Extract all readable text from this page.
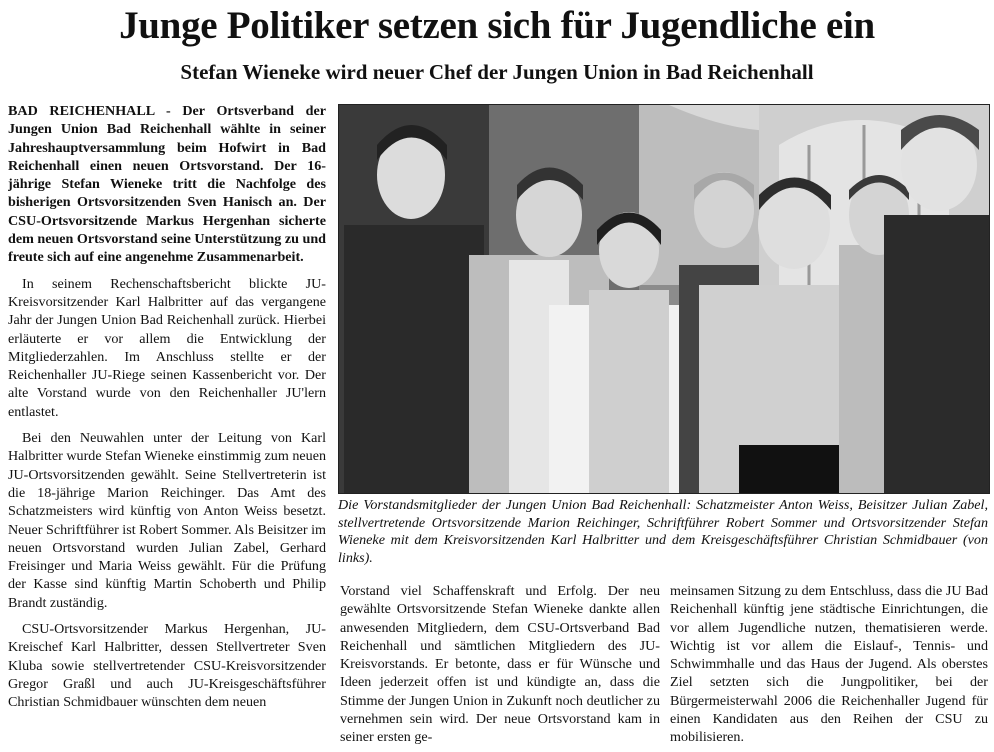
Junge Politiker setzen sich für Jugendliche ein
Stefan Wieneke wird neuer Chef der Jungen Union in Bad Reichenhall

BAD REICHENHALL - Der Ortsverband der Jungen Union Bad Reichenhall wählte in seiner Jahreshauptversammlung beim Hofwirt in Bad Reichenhall einen neuen Ortsvorstand. Der 16-jährige Stefan Wieneke tritt die Nachfolge des bisherigen Ortsvorsitzenden Sven Hanisch an. Der CSU-Ortsvorsitzende Markus Hergenhan sicherte dem neuen Ortsvorstand seine Unterstützung zu und freute sich auf eine angenehme Zusammenarbeit.

In seinem Rechenschaftsbericht blickte JU-Kreisvorsitzender Karl Halbritter auf das vergangene Jahr der Jungen Union Bad Reichenhall zurück. Hierbei erläuterte er vor allem die Entwicklung der Mitgliederzahlen. Im Anschluss stellte er der Reichenhaller JU-Riege seinen Kassenbericht vor. Der alte Vorstand wurde von den Reichenhaller JU'lern entlastet.

Bei den Neuwahlen unter der Leitung von Karl Halbritter wurde Stefan Wieneke einstimmig zum neuen JU-Ortsvorsitzenden gewählt. Seine Stellvertreterin ist die 18-jährige Marion Reichinger. Das Amt des Schatzmeisters wird künftig von Anton Weiss besetzt. Neuer Schriftführer ist Robert Sommer. Als Beisitzer im neuen Ortsvorstand wurden Julian Zabel, Gerhard Freisinger und Maria Weiss gewählt. Für die Prüfung der Kasse sind künftig Martin Schoberth und Philip Brandt zuständig.

CSU-Ortsvorsitzender Markus Hergenhan, JU-Kreischef Karl Halbritter, dessen Stellvertreter Sven Kluba sowie stellvertretender CSU-Kreisvorsitzender Gregor Graßl und auch JU-Kreisgeschäftsführer Christian Schmidbauer wünschten dem neuen

Die Vorstandsmitglieder der Jungen Union Bad Reichenhall: Schatzmeister Anton Weiss, Beisitzer Julian Zabel, stellvertretende Ortsvorsitzende Marion Reichinger, Schriftführer Robert Sommer und Ortsvorsitzender Stefan Wieneke mit dem Kreisvorsitzenden Karl Halbritter und dem Kreisgeschäftsführer Christian Schmidbauer (von links).

Vorstand viel Schaffenskraft und Erfolg. Der neu gewählte Ortsvorsitzende Stefan Wieneke dankte allen anwesenden Mitgliedern, dem CSU-Ortsverband Bad Reichenhall und sämtlichen Mitgliedern des JU-Kreisvorstands. Er betonte, dass er für Wünsche und Ideen jederzeit offen ist und kündigte an, dass die Stimme der Jungen Union in Zukunft noch deutlicher zu vernehmen sein wird. Der neue Ortsvorstand kam in seiner ersten ge-

meinsamen Sitzung zu dem Entschluss, dass die JU Bad Reichenhall künftig jene städtische Einrichtungen, die vor allem Jugendliche nutzen, thematisieren werde. Wichtig ist vor allem die Eislauf-, Tennis- und Schwimmhalle und das Haus der Jugend. Als oberstes Ziel setzten sich die Jungpolitiker, bei der Bürgermeisterwahl 2006 die Reichenhaller Jugend für einen Kandidaten aus den Reihen der CSU zu mobilisieren.
